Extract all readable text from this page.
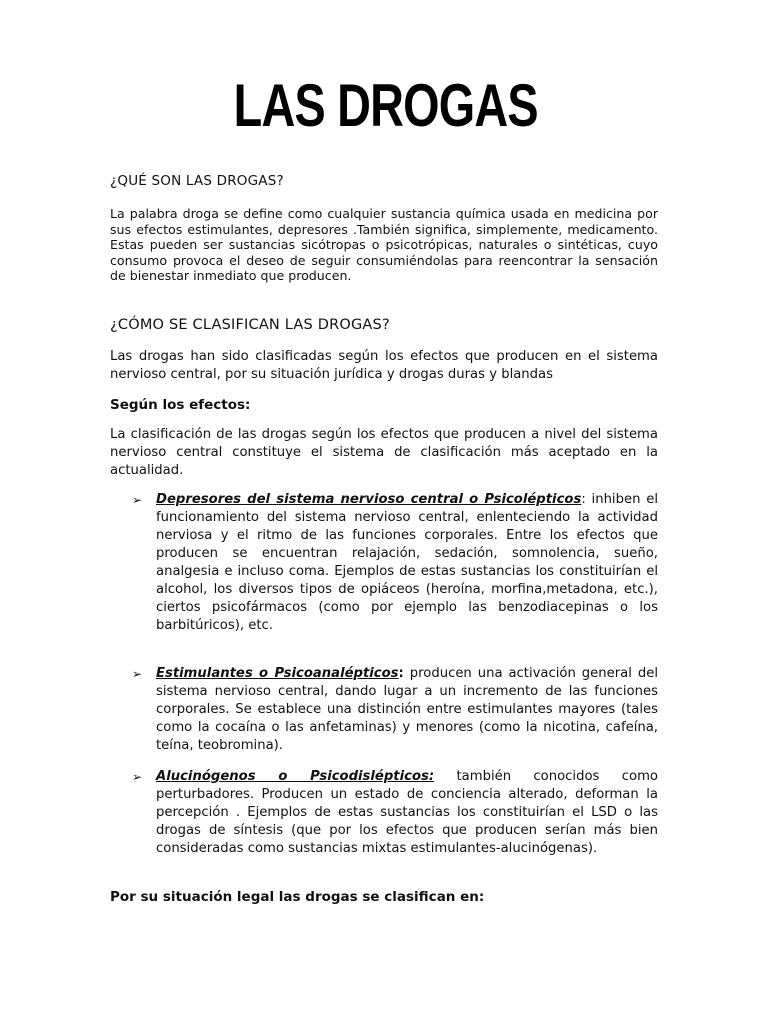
LAS DROGAS

¿QUÉ SON LAS DROGAS?

La palabra droga se define como cualquier sustancia química usada en medicina por sus efectos estimulantes, depresores .También significa, simplemente, medicamento. Estas pueden ser sustancias sicótropas o psicotrópicas, naturales o sintéticas, cuyo consumo provoca el deseo de seguir consumiéndolas para reencontrar la sensación de bienestar inmediato que producen.

¿CÓMO SE CLASIFICAN LAS DROGAS?

Las drogas han sido clasificadas según los efectos que producen en el sistema nervioso central, por su situación jurídica y drogas duras y blandas

Según los efectos:

La clasificación de las drogas según los efectos que producen a nivel del sistema nervioso central constituye el sistema de clasificación más aceptado en la actualidad.

➢ Depresores del sistema nervioso central o Psicolépticos: inhiben el funcionamiento del sistema nervioso central, enlenteciendo la actividad nerviosa y el ritmo de las funciones corporales. Entre los efectos que producen se encuentran relajación, sedación, somnolencia, sueño, analgesia e incluso coma. Ejemplos de estas sustancias los constituirían el alcohol, los diversos tipos de opiáceos (heroína, morfina,metadona, etc.), ciertos psicofármacos (como por ejemplo las benzodiacepinas o los barbitúricos), etc.

➢ Estimulantes o Psicoanalépticos: producen una activación general del sistema nervioso central, dando lugar a un incremento de las funciones corporales. Se establece una distinción entre estimulantes mayores (tales como la cocaína o las anfetaminas) y menores (como la nicotina, cafeína, teína, teobromina).

➢ Alucinógenos o Psicodislépticos: también conocidos como perturbadores. Producen un estado de conciencia alterado, deforman la percepción . Ejemplos de estas sustancias los constituirían el LSD o las drogas de síntesis (que por los efectos que producen serían más bien consideradas como sustancias mixtas estimulantes-alucinógenas).

Por su situación legal las drogas se clasifican en:
